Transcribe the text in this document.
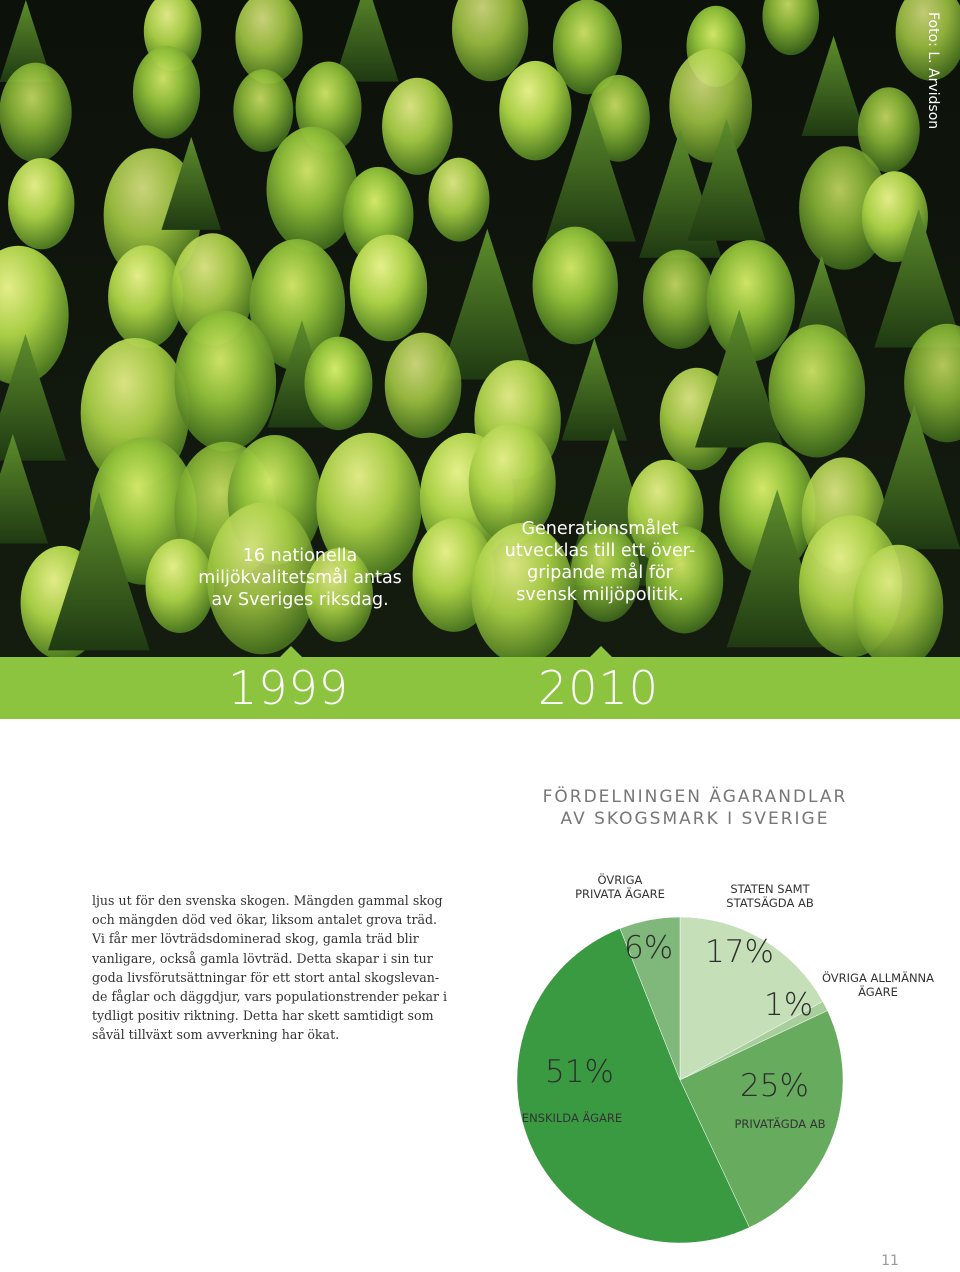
Foto: L. Arvidson
16 nationella
miljökvalitetsmål antas
av Sveriges riksdag.
Generationsmålet
utvecklas till ett över-
gripande mål för
svensk miljöpolitik.
1999	2010
FÖRDELNINGEN ÄGARANDLAR
AV SKOGSMARK I SVERIGE
ljus ut för den svenska skogen. Mängden gammal skog
och mängden död ved ökar, liksom antalet grova träd.
Vi får mer lövträdsdominerad skog, gamla träd blir
vanligare, också gamla lövträd. Detta skapar i sin tur
goda livsförutsättningar för ett stort antal skogslevan-
de fåglar och däggdjur, vars populationstrender pekar i
tydligt positiv riktning. Detta har skett samtidigt som
såväl tillväxt som avverkning har ökat.
17%
STATEN SAMT
STATSÄGDA AB
1%
ÖVRIGA ALLMÄNNA
ÄGARE
25%
PRIVATÄGDA AB
51%
ENSKILDA ÄGARE
6%
ÖVRIGA
PRIVATA ÄGARE
11
